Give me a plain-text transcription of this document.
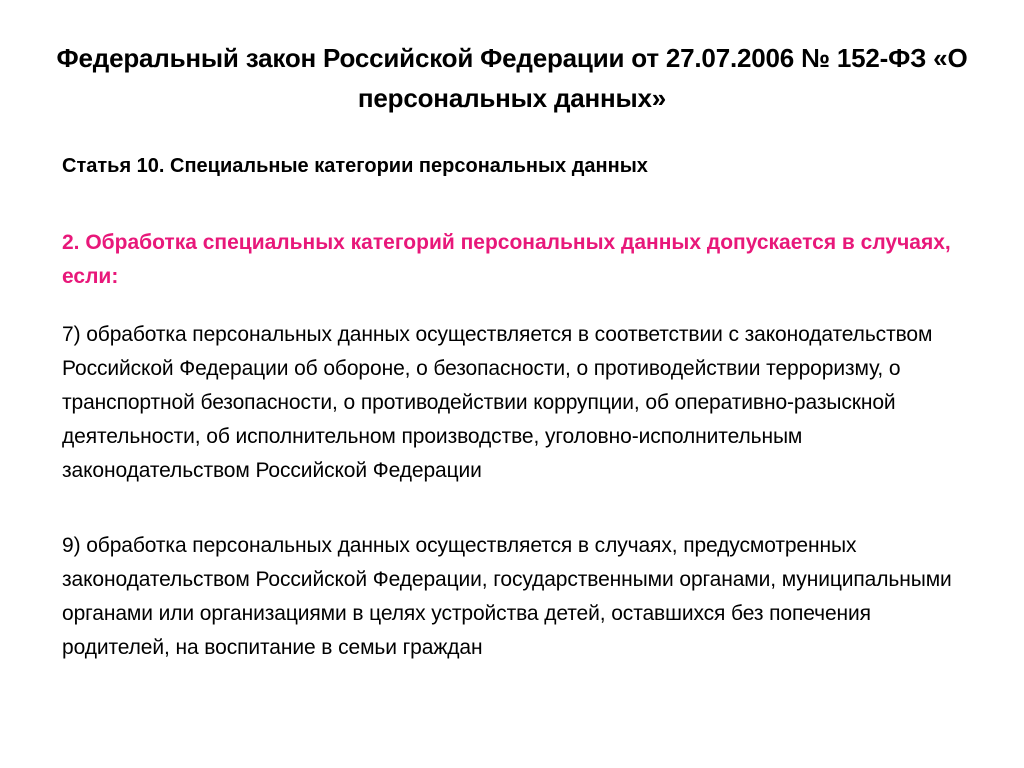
Федеральный закон Российской Федерации от 27.07.2006 № 152-ФЗ «О персональных данных»
Статья 10. Специальные категории персональных данных
2. Обработка специальных категорий персональных данных допускается в случаях, если:
7) обработка персональных данных осуществляется в соответствии с законодательством Российской Федерации об обороне, о безопасности, о противодействии терроризму, о транспортной безопасности, о противодействии коррупции, об оперативно-разыскной деятельности, об исполнительном производстве, уголовно-исполнительным законодательством Российской Федерации
9) обработка персональных данных осуществляется в случаях, предусмотренных законодательством Российской Федерации, государственными органами, муниципальными органами или организациями в целях устройства детей, оставшихся без попечения родителей, на воспитание в семьи граждан
